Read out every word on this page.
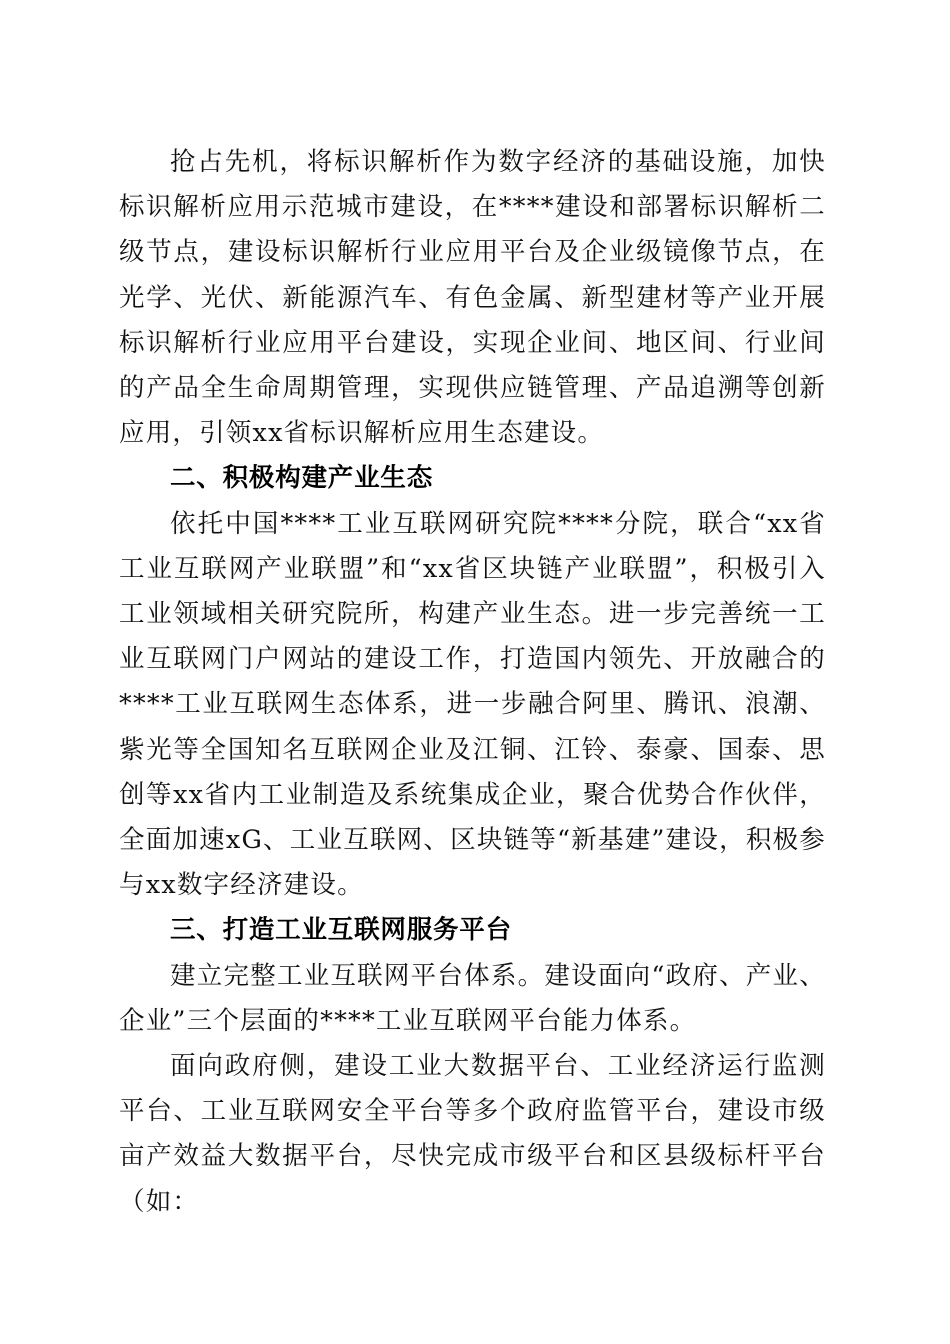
抢占先机，将标识解析作为数字经济的基础设施，加快标识解析应用示范城市建设，在****建设和部署标识解析二级节点，建设标识解析行业应用平台及企业级镜像节点，在光学、光伏、新能源汽车、有色金属、新型建材等产业开展标识解析行业应用平台建设，实现企业间、地区间、行业间的产品全生命周期管理，实现供应链管理、产品追溯等创新应用，引领xx省标识解析应用生态建设。

二、积极构建产业生态

依托中国****工业互联网研究院****分院，联合“xx省工业互联网产业联盟”和“xx省区块链产业联盟”，积极引入工业领域相关研究院所，构建产业生态。进一步完善统一工业互联网门户网站的建设工作，打造国内领先、开放融合的****工业互联网生态体系，进一步融合阿里、腾讯、浪潮、紫光等全国知名互联网企业及江铜、江铃、泰豪、国泰、思创等xx省内工业制造及系统集成企业，聚合优势合作伙伴，全面加速xG、工业互联网、区块链等“新基建”建设，积极参与xx数字经济建设。

三、打造工业互联网服务平台

建立完整工业互联网平台体系。建设面向“政府、产业、企业”三个层面的****工业互联网平台能力体系。

面向政府侧，建设工业大数据平台、工业经济运行监测平台、工业互联网安全平台等多个政府监管平台，建设市级亩产效益大数据平台，尽快完成市级平台和区县级标杆平台（如：
